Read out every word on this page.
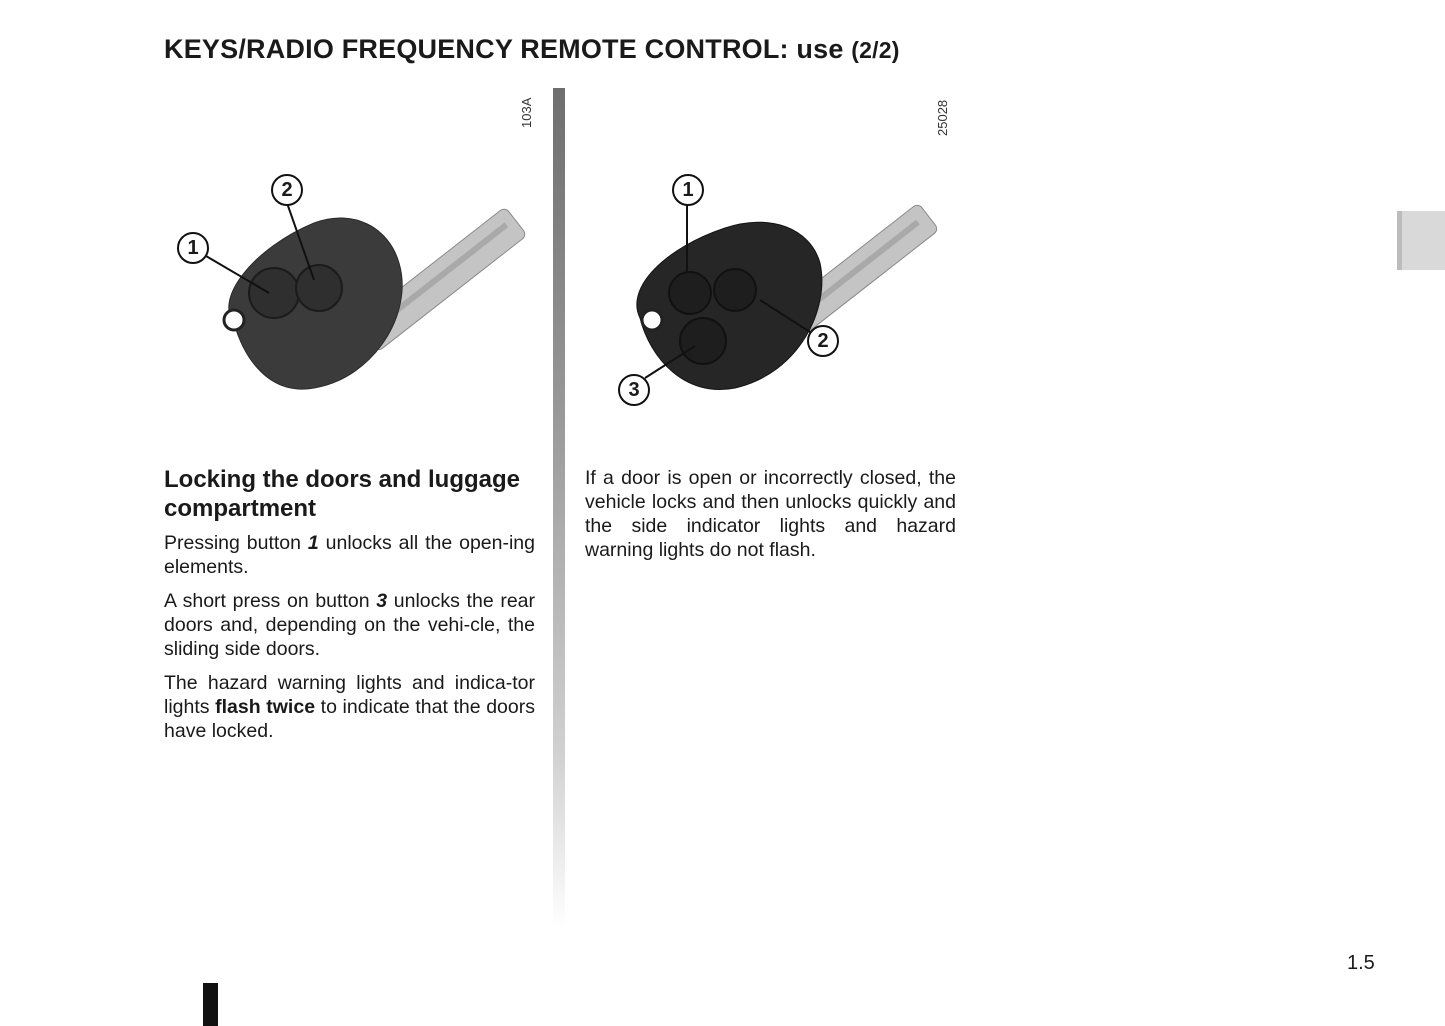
KEYS/RADIO FREQUENCY REMOTE CONTROL: use (2/2)
103A
1
2
25028
1
2
3
Locking the doors and luggage compartment

Pressing button 1 unlocks all the open-ing elements.

A short press on button 3 unlocks the rear doors and, depending on the vehi-cle, the sliding side doors.

The hazard warning lights and indica-tor lights flash twice to indicate that the doors have locked.

If a door is open or incorrectly closed, the vehicle locks and then unlocks quickly and the side indicator lights and hazard warning lights do not flash.

1.5
